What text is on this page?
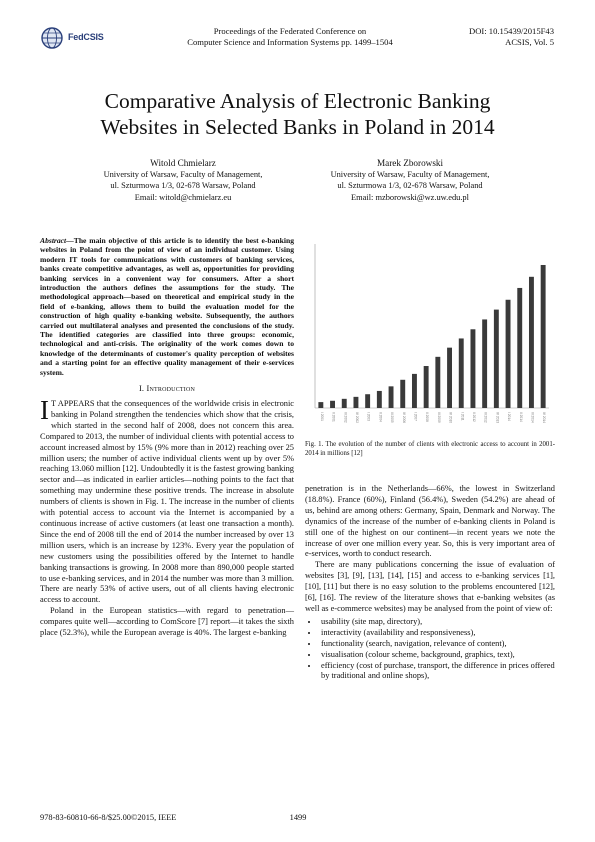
FedCSIS
Proceedings of the Federated Conference on
Computer Science and Information Systems pp. 1499–1504
DOI: 10.15439/2015F43
ACSIS, Vol. 5
Comparative Analysis of Electronic Banking
Websites in Selected Banks in Poland in 2014
Witold Chmielarz
University of Warsaw, Faculty of Management,
ul. Szturmowa 1/3, 02-678 Warsaw, Poland
Email: witold@chmielarz.eu
Marek Zborowski
University of Warsaw, Faculty of Management,
ul. Szturmowa 1/3, 02-678 Warsaw, Poland
Email: mzborowski@wz.uw.edu.pl

Abstract—The main objective of this article is to identify the best e-banking websites in Poland from the point of view of an individual customer. Using modern IT tools for communications with customers of banking services, banks create competitive advantages, as well as, opportunities for providing banking services in a convenient way for consumers. After a short introduction the authors defines the assumptions for the study. The methodological approach—based on theoretical and empirical study in the field of e-banking, allows them to build the evaluation model for the construction of high quality e-banking website. Subsequently, the authors carried out multilateral analyses and presented the conclusions of the study. The identified categories are classified into three groups: economic, technological and anti-crisis. The originality of the work comes down to knowledge of the determinants of customer's quality perception of websites and a starting point for an effective quality management of their e-services system.

I. Introduction

I T APPEARS that the consequences of the worldwide crisis in electronic banking in Poland strengthen the tendencies which show that the crisis, which started in the second half of 2008, does not concern this area. Compared to 2013, the number of individual clients with potential access to account increased almost by 15% (9% more than in 2012) reaching over 25 million users; the number of active individual clients went up by over 5% reaching 13.060 million [12]. Undoubtedly it is the fastest growing banking sector and—as indicated in earlier articles—nothing points to the fact that something may undermine these positive trends. The increase in absolute numbers of clients is shown in Fig. 1. The increase in the number of clients with potential access to account via the Internet is accompanied by a continuous increase of active customers (at least one transaction a month). Since the end of 2008 till the end of 2014 the number increased by over 13 million users, which is an increase by 123%. Every year the population of new customers using the possibilities offered by the Internet to handle banking transactions is growing. In 2008 more than 890,000 people started to use e-banking services, and in 2014 the number was more than 3 million. There are nearly 53% of active users, out of all clients having electronic access to account.

Poland in the European statistics—with regard to penetration—compares quite well—according to ComScore [7] report—it takes the sixth place (52.3%), while the European average is 40%. The largest e-banking

I 2001 II 2001 III 2002 IV 2002 I 2003 II 2004 III 2005 IV 2006 I 2007 II 2008 III 2009 IV 2010 I 2011 II 2012 III 2012 IV 2013 I 2014 II 2014 III 2014 IV 2014
Fig. 1. The evolution of the number of clients with electronic access to account in 2001-2014 in millions [12]

penetration is in the Netherlands—66%, the lowest in Switzerland (18.8%). France (60%), Finland (56.4%), Sweden (54.2%) are ahead of us, behind are among others: Germany, Spain, Denmark and Norway. The dynamics of the increase of the number of e-banking clients in Poland is still one of the highest on our continent—in recent years we note the increase of over one million every year. So, this is very important area of e-services, worth to conduct research.

There are many publications concerning the issue of evaluation of websites [3], [9], [13], [14], [15] and access to e-banking services [1], [10], [11] but there is no easy solution to the problems encountered [12], [6], [16]. The review of the literature shows that e-banking websites (as well as e-commerce websites) may be analysed from the point of view of:

• usability (site map, directory),
• interactivity (availability and responsiveness),
• functionality (search, navigation, relevance of content),
• visualisation (colour scheme, background, graphics, text),
• efficiency (cost of purchase, transport, the difference in prices offered by traditional and online shops),
978-83-60810-66-8/$25.00©2015, IEEE	1499
